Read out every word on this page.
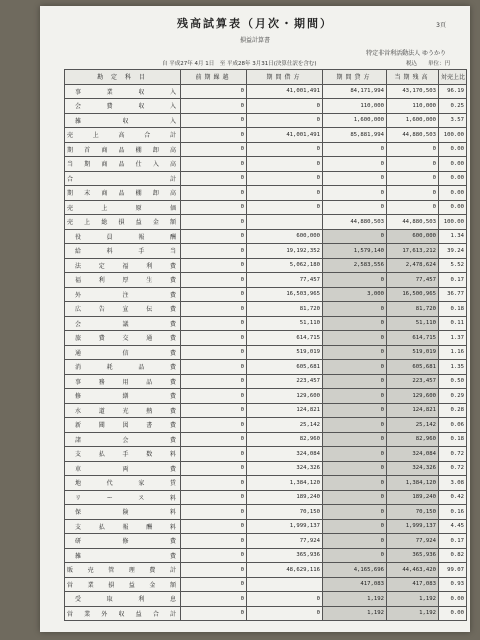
残高試算表（月次・期間）	3頁
損益計算書
特定非営利活動法人 ゆうかり
自 平成27年 4月 1日　至 平成28年 3月31日(決算仕訳を含む)	税込　　単位：円
勘 定 科 目	前期繰越	期間借方	期間貸方	当期残高	対売上比
事業収入	0	41,001,491	84,171,994	43,170,503	96.19
会費収入	0	0	110,000	110,000	0.25
雑収入	0	0	1,600,000	1,600,000	3.57
売上高合計	0	41,001,491	85,881,994	44,880,503	100.00
期首商品棚卸高	0	0	0	0	0.00
当期商品仕入高	0	0	0	0	0.00
合計	0	0	0	0	0.00
期末商品棚卸高	0	0	0	0	0.00
売上原価	0	0	0	0	0.00
売上総損益金額	0		44,880,503	44,880,503	100.00
役員報酬	0	600,000	0	600,000	1.34
給料手当	0	19,192,352	1,579,140	17,613,212	39.24
法定福利費	0	5,062,180	2,583,556	2,478,624	5.52
福利厚生費	0	77,457	0	77,457	0.17
外注費	0	16,503,965	3,000	16,500,965	36.77
広告宣伝費	0	81,720	0	81,720	0.18
会議費	0	51,110	0	51,110	0.11
旅費交通費	0	614,715	0	614,715	1.37
通信費	0	519,019	0	519,019	1.16
消耗品費	0	605,681	0	605,681	1.35
事務用品費	0	223,457	0	223,457	0.50
修繕費	0	129,600	0	129,600	0.29
水道光熱費	0	124,821	0	124,821	0.28
新聞図書費	0	25,142	0	25,142	0.06
諸会費	0	82,960	0	82,960	0.18
支払手数料	0	324,084	0	324,084	0.72
車両費	0	324,326	0	324,326	0.72
地代家賃	0	1,384,120	0	1,384,120	3.08
リース料	0	189,240	0	189,240	0.42
保険料	0	70,150	0	70,150	0.16
支払報酬料	0	1,999,137	0	1,999,137	4.45
研修費	0	77,924	0	77,924	0.17
雑費	0	365,936	0	365,936	0.82
販売管理費計	0	48,629,116	4,165,696	44,463,420	99.07
営業損益金額	0		417,083	417,083	0.93
受取利息	0	0	1,192	1,192	0.00
営業外収益合計	0	0	1,192	1,192	0.00
